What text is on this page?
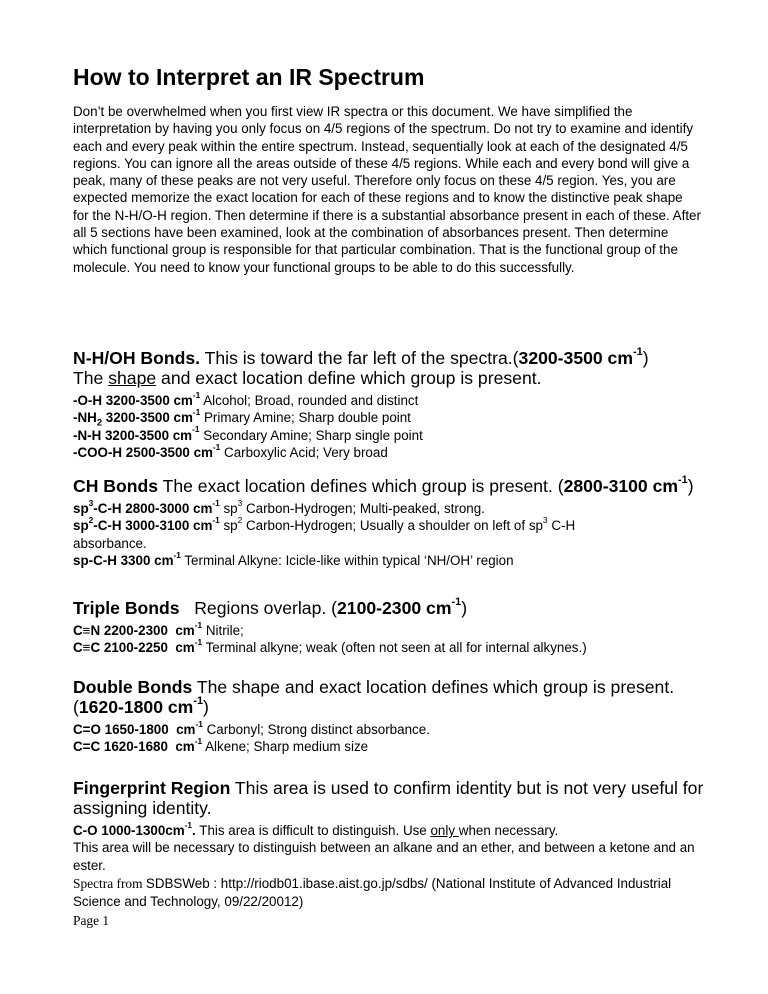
How to Interpret an IR Spectrum

Don’t be overwhelmed when you first view IR spectra or this document. We have simplified the interpretation by having you only focus on 4/5 regions of the spectrum. Do not try to examine and identify each and every peak within the entire spectrum. Instead, sequentially look at each of the designated 4/5 regions. You can ignore all the areas outside of these 4/5 regions. While each and every bond will give a peak, many of these peaks are not very useful. Therefore only focus on these 4/5 region. Yes, you are expected memorize the exact location for each of these regions and to know the distinctive peak shape for the N-H/O-H region. Then determine if there is a substantial absorbance present in each of these. After all 5 sections have been examined, look at the combination of absorbances present. Then determine which functional group is responsible for that particular combination. That is the functional group of the molecule. You need to know your functional groups to be able to do this successfully.

N-H/OH Bonds. This is toward the far left of the spectra.(3200-3500 $cm^{-1}$)

The shape and exact location define which group is present.

-O-H 3200-3500 $cm^{-1}$ Alcohol; Broad, rounded and distinct

$-NH_2$ 3200-3500 $cm^{-1}$ Primary Amine; Sharp double point

-N-H 3200-3500 $cm^{-1}$ Secondary Amine; Sharp single point

-COO-H 2500-3500 $cm^{-1}$ Carboxylic Acid; Very broad

CH Bonds The exact location defines which group is present. (2800-3100 $cm^{-1}$)

$sp^3-C-H$ 2800-3000 $cm^{-1}$ $sp^3$ Carbon-Hydrogen; Multi-peaked, strong.

$sp^2-C-H$ 3000-3100 $cm^{-1}$ $sp^2$ Carbon-Hydrogen; Usually a shoulder on left of $sp^3$ C-H

absorbance.

sp-C-H 3300 $cm^{-1}$ Terminal Alkyne: Icicle-like within typical ‘NH/OH’ region

Triple Bonds   Regions overlap. (2100-2300 $cm^{-1}$)

C≡N 2200-2300  $cm^{-1}$ Nitrile;

C≡C 2100-2250  $cm^{-1}$ Terminal alkyne; weak (often not seen at all for internal alkynes.)

Double Bonds The shape and exact location defines which group is present.

(1620-1800 $cm^{-1}$)

C=O 1650-1800  $cm^{-1}$ Carbonyl; Strong distinct absorbance.

C=C 1620-1680  $cm^{-1}$ Alkene; Sharp medium size

Fingerprint Region This area is used to confirm identity but is not very useful for assigning identity.

C-O $1000-1300cm^{-1}$. This area is difficult to distinguish. Use only when necessary.

This area will be necessary to distinguish between an alkane and an ether, and between a ketone and an ester.

Spectra from SDBSWeb : http://riodb01.ibase.aist.go.jp/sdbs/ (National Institute of Advanced Industrial Science and Technology, 09/22/20012)

Page 1
